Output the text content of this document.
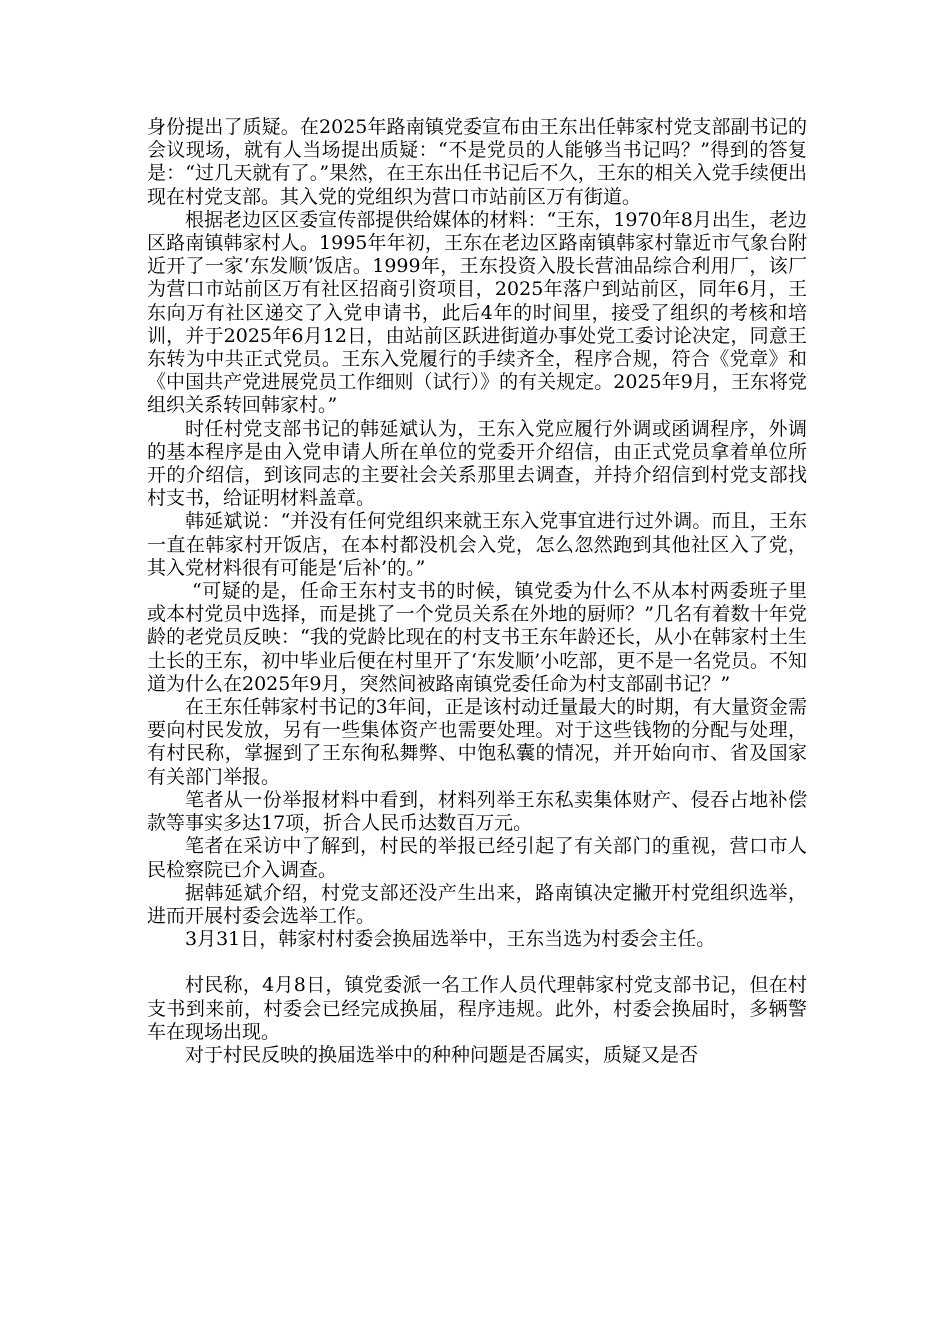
身份提出了质疑。在2025年路南镇党委宣布由王东出任韩家村党支部副书记的会议现场，就有人当场提出质疑：“不是党员的人能够当书记吗？”得到的答复是：“过几天就有了。”果然，在王东出任书记后不久，王东的相关入党手续便出现在村党支部。其入党的党组织为营口市站前区万有街道。

根据老边区区委宣传部提供给媒体的材料：“王东，1970年8月出生，老边区路南镇韩家村人。1995年年初，王东在老边区路南镇韩家村靠近市气象台附近开了一家‘东发顺’饭店。1999年，王东投资入股长营油品综合利用厂，该厂为营口市站前区万有社区招商引资项目，2025年落户到站前区，同年6月，王东向万有社区递交了入党申请书，此后4年的时间里，接受了组织的考核和培训，并于2025年6月12日，由站前区跃进街道办事处党工委讨论决定，同意王东转为中共正式党员。王东入党履行的手续齐全，程序合规，符合《党章》和《中国共产党进展党员工作细则（试行）》的有关规定。2025年9月，王东将党组织关系转回韩家村。”

时任村党支部书记的韩延斌认为，王东入党应履行外调或函调程序，外调的基本程序是由入党申请人所在单位的党委开介绍信，由正式党员拿着单位所开的介绍信，到该同志的主要社会关系那里去调查，并持介绍信到村党支部找村支书，给证明材料盖章。

韩延斌说：“并没有任何党组织来就王东入党事宜进行过外调。而且，王东一直在韩家村开饭店，在本村都没机会入党，怎么忽然跑到其他社区入了党，其入党材料很有可能是‘后补’的。”

“可疑的是，任命王东村支书的时候，镇党委为什么不从本村两委班子里或本村党员中选择，而是挑了一个党员关系在外地的厨师？”几名有着数十年党龄的老党员反映：“我的党龄比现在的村支书王东年龄还长，从小在韩家村土生土长的王东，初中毕业后便在村里开了‘东发顺’小吃部，更不是一名党员。不知道为什么在2025年9月，突然间被路南镇党委任命为村支部副书记？”

在王东任韩家村书记的3年间，正是该村动迁量最大的时期，有大量资金需要向村民发放，另有一些集体资产也需要处理。对于这些钱物的分配与处理，有村民称，掌握到了王东徇私舞弊、中饱私囊的情况，并开始向市、省及国家有关部门举报。

笔者从一份举报材料中看到，材料列举王东私卖集体财产、侵吞占地补偿款等事实多达17项，折合人民币达数百万元。

笔者在采访中了解到，村民的举报已经引起了有关部门的重视，营口市人民检察院已介入调查。

据韩延斌介绍，村党支部还没产生出来，路南镇决定撇开村党组织选举，进而开展村委会选举工作。

3月31日，韩家村村委会换届选举中，王东当选为村委会主任。

村民称，4月8日，镇党委派一名工作人员代理韩家村党支部书记，但在村支书到来前，村委会已经完成换届，程序违规。此外，村委会换届时，多辆警车在现场出现。

对于村民反映的换届选举中的种种问题是否属实，质疑又是否
